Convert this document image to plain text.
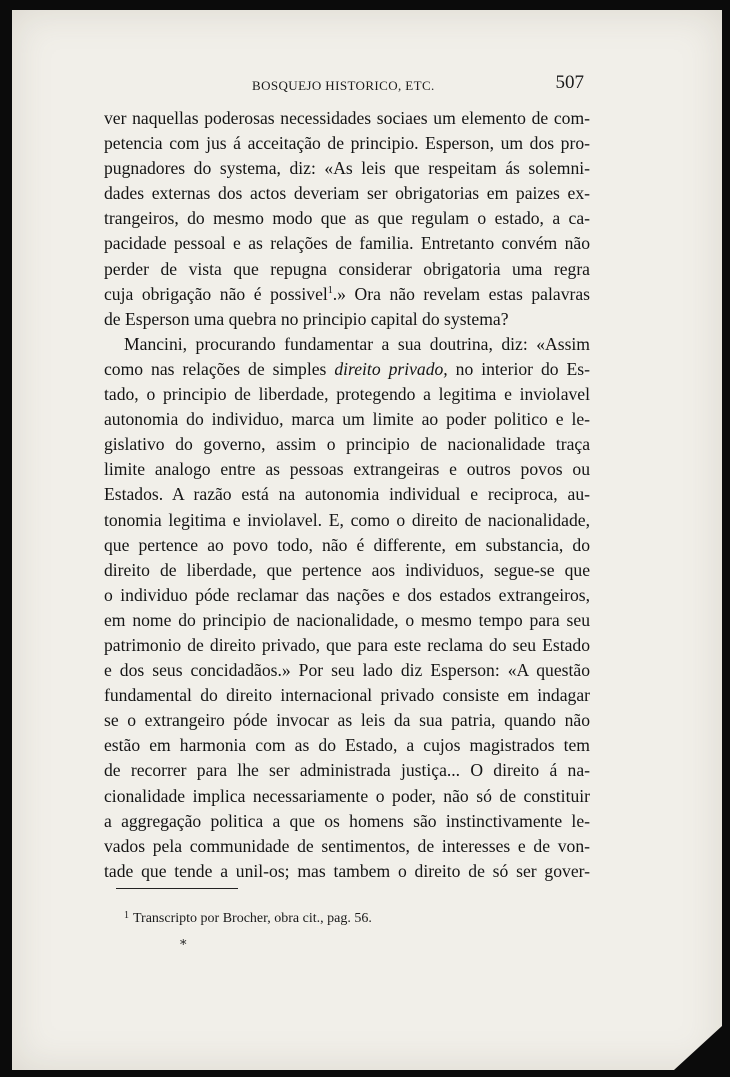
BOSQUEJO HISTORICO, ETC.	507
ver naquellas poderosas necessidades sociaes um elemento de com-
petencia com jus á acceitação de principio. Esperson, um dos pro-
pugnadores do systema, diz: «As leis que respeitam ás solemni-
dades externas dos actos deveriam ser obrigatorias em paizes ex-
trangeiros, do mesmo modo que as que regulam o estado, a ca-
pacidade pessoal e as relações de familia. Entretanto convém não
perder de vista que repugna considerar obrigatoria uma regra
cuja obrigação não é possivel$^1$.» Ora não revelam estas palavras
de Esperson uma quebra no principio capital do systema?
Mancini, procurando fundamentar a sua doutrina, diz: «Assim
como nas relações de simples direito privado, no interior do Es-
tado, o principio de liberdade, protegendo a legitima e inviolavel
autonomia do individuo, marca um limite ao poder politico e le-
gislativo do governo, assim o principio de nacionalidade traça
limite analogo entre as pessoas extrangeiras e outros povos ou
Estados. A razão está na autonomia individual e reciproca, au-
tonomia legitima e inviolavel. E, como o direito de nacionalidade,
que pertence ao povo todo, não é differente, em substancia, do
direito de liberdade, que pertence aos individuos, segue-se que
o individuo póde reclamar das nações e dos estados extrangeiros,
em nome do principio de nacionalidade, o mesmo tempo para seu
patrimonio de direito privado, que para este reclama do seu Estado
e dos seus concidadãos.» Por seu lado diz Esperson: «A questão
fundamental do direito internacional privado consiste em indagar
se o extrangeiro póde invocar as leis da sua patria, quando não
estão em harmonia com as do Estado, a cujos magistrados tem
de recorrer para lhe ser administrada justiça... O direito á na-
cionalidade implica necessariamente o poder, não só de constituir
a aggregação politica a que os homens são instinctivamente le-
vados pela communidade de sentimentos, de interesses e de von-
tade que tende a unil-os; mas tambem o direito de só ser gover-
$^1$ Transcripto por Brocher, obra cit., pag. 56.
*
